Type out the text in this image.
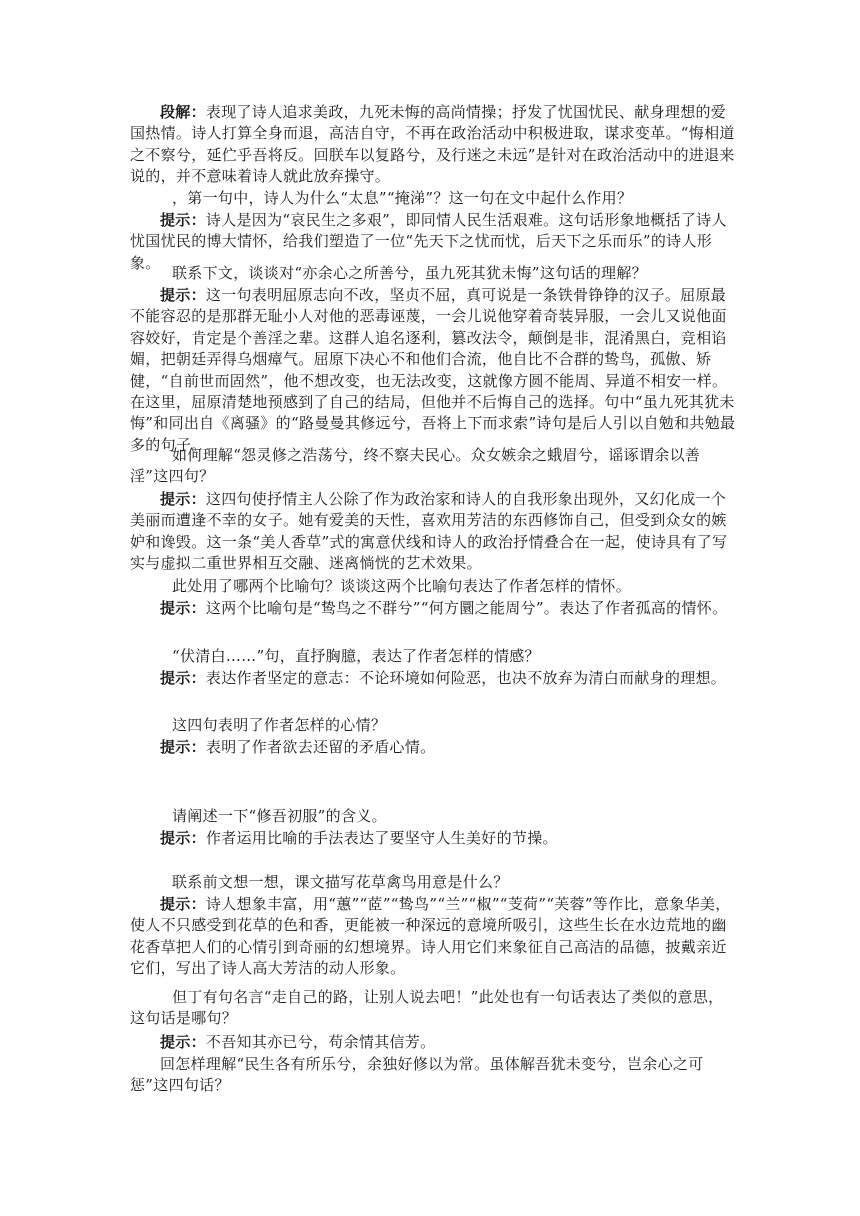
段解：表现了诗人追求美政，九死未悔的高尚情操；抒发了忧国忧民、献身理想的爱国热情。诗人打算全身而退，高洁自守，不再在政治活动中积极进取，谋求变革。“悔相道之不察兮，延伫乎吾将反。回朕车以复路兮，及行迷之未远”是针对在政治活动中的进退来说的，并不意味着诗人就此放弃操守。

，第一句中，诗人为什么“太息”“掩涕”？这一句在文中起什么作用？

提示：诗人是因为“哀民生之多艰”，即同情人民生活艰难。这句话形象地概括了诗人忧国忧民的博大情怀，给我们塑造了一位“先天下之忧而忧，后天下之乐而乐”的诗人形象。

联系下文，谈谈对“亦余心之所善兮，虽九死其犹未悔”这句话的理解？

提示：这一句表明屈原志向不改，坚贞不屈，真可说是一条铁骨铮铮的汉子。屈原最不能容忍的是那群无耻小人对他的恶毒诬蔑，一会儿说他穿着奇装异服，一会儿又说他面容姣好，肯定是个善淫之辈。这群人追名逐利，篡改法令，颠倒是非，混淆黑白，竞相谄媚，把朝廷弄得乌烟瘴气。屈原下决心不和他们合流，他自比不合群的鸷鸟，孤傲、矫健，“自前世而固然”，他不想改变，也无法改变，这就像方圆不能周、异道不相安一样。在这里，屈原清楚地预感到了自己的结局，但他并不后悔自己的选择。句中“虽九死其犹未悔”和同出自《离骚》的“路曼曼其修远兮，吾将上下而求索”诗句是后人引以自勉和共勉最多的句子。

如何理解“怨灵修之浩荡兮，终不察夫民心。众女嫉余之蛾眉兮，谣诼谓余以善淫”这四句？

提示：这四句使抒情主人公除了作为政治家和诗人的自我形象出现外，又幻化成一个美丽而遭逢不幸的女子。她有爱美的天性，喜欢用芳洁的东西修饰自己，但受到众女的嫉妒和谗毁。这一条“美人香草”式的寓意伏线和诗人的政治抒情叠合在一起，使诗具有了写实与虚拟二重世界相互交融、迷离惝恍的艺术效果。

此处用了哪两个比喻句？谈谈这两个比喻句表达了作者怎样的情怀。

提示：这两个比喻句是“鸷鸟之不群兮”“何方圜之能周兮”。表达了作者孤高的情怀。

“伏清白……”句，直抒胸臆，表达了作者怎样的情感？

提示：表达作者坚定的意志：不论环境如何险恶，也决不放弃为清白而献身的理想。

这四句表明了作者怎样的心情？

提示：表明了作者欲去还留的矛盾心情。

请阐述一下“修吾初服”的含义。

提示：作者运用比喻的手法表达了要坚守人生美好的节操。

联系前文想一想，课文描写花草禽鸟用意是什么？

提示：诗人想象丰富，用“蕙”“茝”“鸷鸟”“兰”“椒”“芰荷”“芙蓉”等作比，意象华美，使人不只感受到花草的色和香，更能被一种深远的意境所吸引，这些生长在水边荒地的幽花香草把人们的心情引到奇丽的幻想境界。诗人用它们来象征自己高洁的品德，披戴亲近它们，写出了诗人高大芳洁的动人形象。

但丁有句名言“走自己的路，让别人说去吧！”此处也有一句话表达了类似的意思，这句话是哪句？

提示：不吾知其亦已兮，苟余情其信芳。

回怎样理解“民生各有所乐兮，余独好修以为常。虽体解吾犹未变兮，岂余心之可惩”这四句话？
